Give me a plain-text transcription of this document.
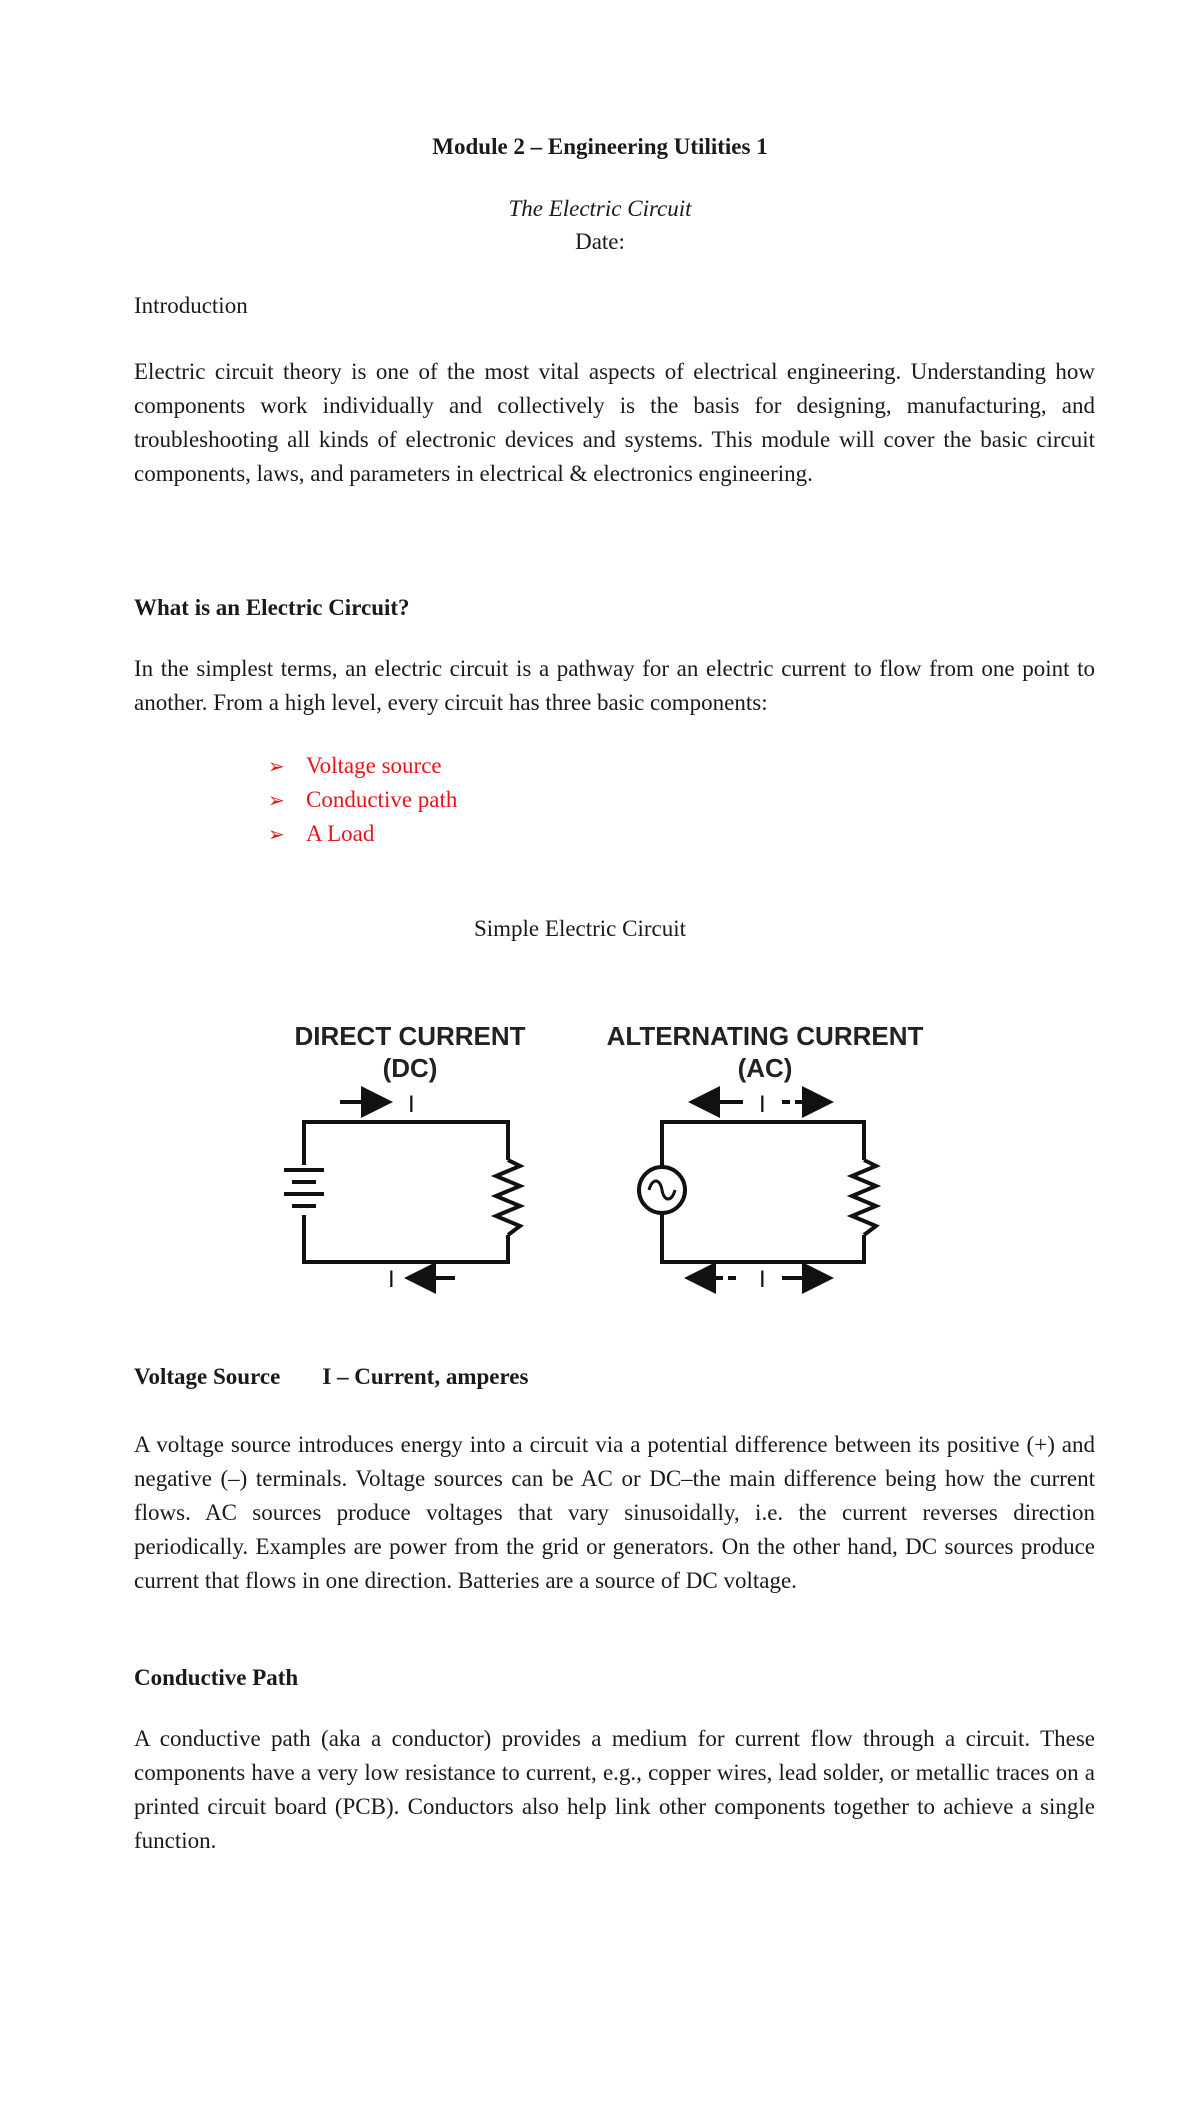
Module 2 – Engineering Utilities 1
The Electric Circuit
Date:
Introduction

Electric circuit theory is one of the most vital aspects of electrical engineering. Understanding how components work individually and collectively is the basis for designing, manufacturing, and troubleshooting all kinds of electronic devices and systems. This module will cover the basic circuit components, laws, and parameters in electrical & electronics engineering.

What is an Electric Circuit?

In the simplest terms, an electric circuit is a pathway for an electric current to flow from one point to another. From a high level, every circuit has three basic components:

➢ Voltage source
➢ Conductive path
➢ A Load
Simple Electric Circuit
DIRECT CURRENT
(DC)
I
I
ALTERNATING CURRENT
(AC)
I
I
Voltage Source I – Current, amperes

A voltage source introduces energy into a circuit via a potential difference between its positive (+) and negative (–) terminals. Voltage sources can be AC or DC–the main difference being how the current flows. AC sources produce voltages that vary sinusoidally, i.e. the current reverses direction periodically. Examples are power from the grid or generators. On the other hand, DC sources produce current that flows in one direction. Batteries are a source of DC voltage.

Conductive Path

A conductive path (aka a conductor) provides a medium for current flow through a circuit. These components have a very low resistance to current, e.g., copper wires, lead solder, or metallic traces on a printed circuit board (PCB). Conductors also help link other components together to achieve a single function.
